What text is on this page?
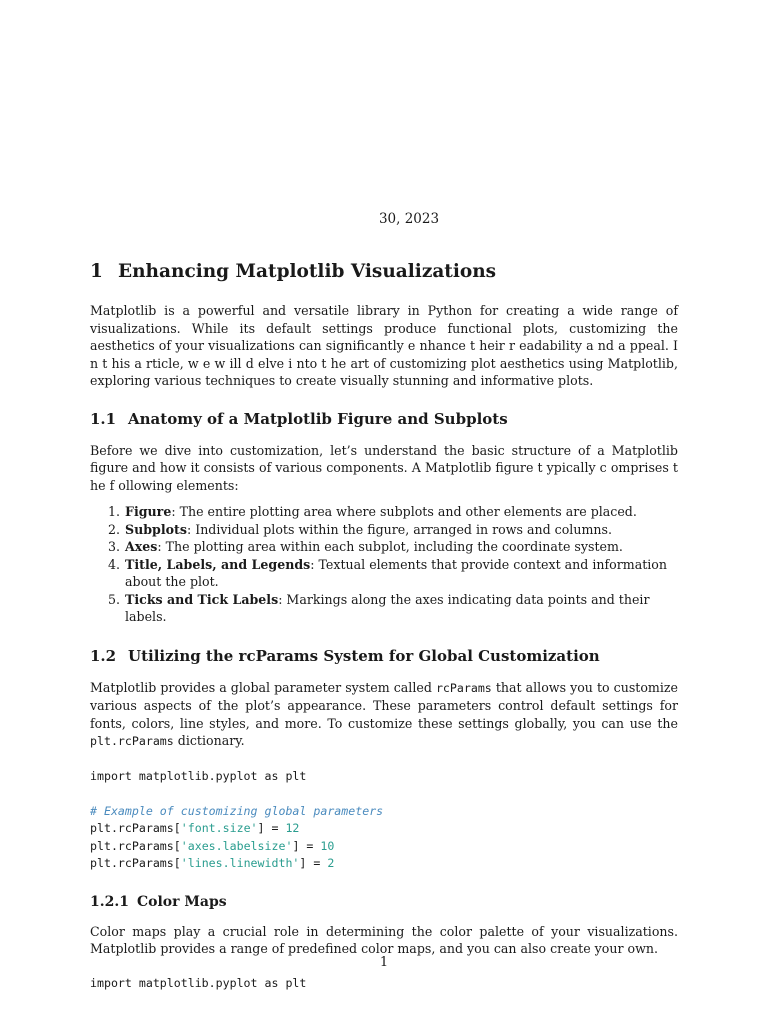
30, 2023
1 Enhancing Matplotlib Visualizations

Matplotlib is a powerful and versatile library in Python for creating a wide range of visualizations. While its default settings produce functional plots, customizing the aesthetics of your visualizations can significantly e nhance t heir r eadability a nd a ppeal. I n t his a rticle, w e w ill d elve i nto t he art of customizing plot aesthetics using Matplotlib, exploring various techniques to create visually stunning and informative plots.

1.1 Anatomy of a Matplotlib Figure and Subplots

Before we dive into customization, let’s understand the basic structure of a Matplotlib figure and how it consists of various components. A Matplotlib figure t ypically c omprises t he f ollowing elements:

1. Figure: The entire plotting area where subplots and other elements are placed.
2. Subplots: Individual plots within the figure, arranged in rows and columns.
3. Axes: The plotting area within each subplot, including the coordinate system.
4. Title, Labels, and Legends: Textual elements that provide context and information about the plot.
5. Ticks and Tick Labels: Markings along the axes indicating data points and their labels.
1.2 Utilizing the rcParams System for Global Customization

Matplotlib provides a global parameter system called rcParams that allows you to customize various aspects of the plot’s appearance. These parameters control default settings for fonts, colors, line styles, and more. To customize these settings globally, you can use the plt.rcParams dictionary.

import matplotlib.pyplot as plt

# Example of customizing global parameters
plt.rcParams['font.size'] = 12
plt.rcParams['axes.labelsize'] = 10
plt.rcParams['lines.linewidth'] = 2
1.2.1 Color Maps

Color maps play a crucial role in determining the color palette of your visualizations. Matplotlib provides a range of predefined color maps, and you can also create your own.

import matplotlib.pyplot as plt
1
